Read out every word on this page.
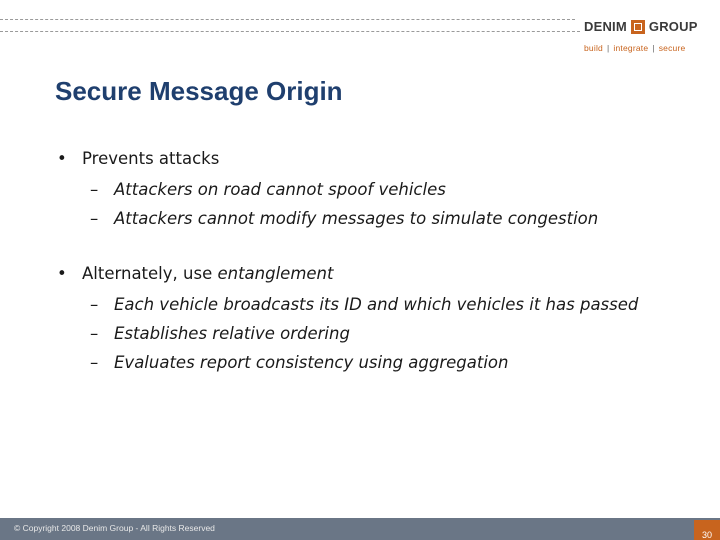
DENIM GROUP
build | integrate | secure
Secure Message Origin
• Prevents attacks
– Attackers on road cannot spoof vehicles
– Attackers cannot modify messages to simulate congestion
• Alternately, use entanglement
– Each vehicle broadcasts its ID and which vehicles it has passed
– Establishes relative ordering
– Evaluates report consistency using aggregation
© Copyright 2008 Denim Group - All Rights Reserved
30
